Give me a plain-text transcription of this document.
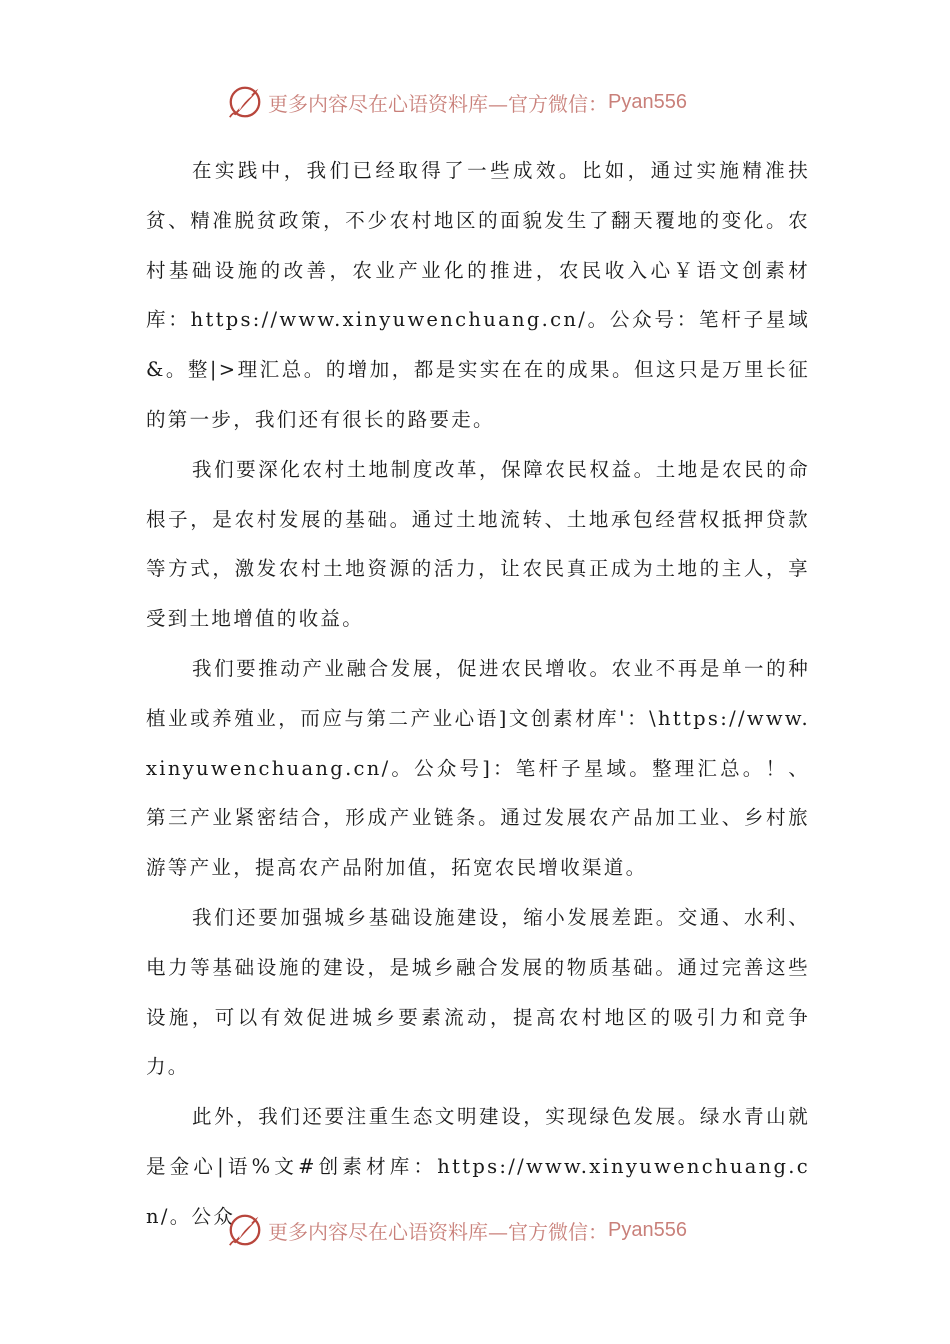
更多内容尽在心语资料库—官方微信： Pyan556

在实践中，我们已经取得了一些成效。比如，通过实施精准扶贫、精准脱贫政策，不少农村地区的面貌发生了翻天覆地的变化。农村基础设施的改善，农业产业化的推进，农民收入心￥语文创素材库：https://www.xinyuwenchuang.cn/。公众号：笔杆子星域&。整|>理汇总。的增加，都是实实在在的成果。但这只是万里长征的第一步，我们还有很长的路要走。

我们要深化农村土地制度改革，保障农民权益。土地是农民的命根子，是农村发展的基础。通过土地流转、土地承包经营权抵押贷款等方式，激发农村土地资源的活力，让农民真正成为土地的主人，享受到土地增值的收益。

我们要推动产业融合发展，促进农民增收。农业不再是单一的种植业或养殖业，而应与第二产业心语]文创素材库'：\https://www.xinyuwenchuang.cn/。公众号]：笔杆子星域。整理汇总。！、第三产业紧密结合，形成产业链条。通过发展农产品加工业、乡村旅游等产业，提高农产品附加值，拓宽农民增收渠道。

我们还要加强城乡基础设施建设，缩小发展差距。交通、水利、电力等基础设施的建设，是城乡融合发展的物质基础。通过完善这些设施，可以有效促进城乡要素流动，提高农村地区的吸引力和竞争力。

此外，我们还要注重生态文明建设，实现绿色发展。绿水青山就是金心|语%文#创素材库：https://www.xinyuwenchuang.cn/。公众

更多内容尽在心语资料库—官方微信： Pyan556
